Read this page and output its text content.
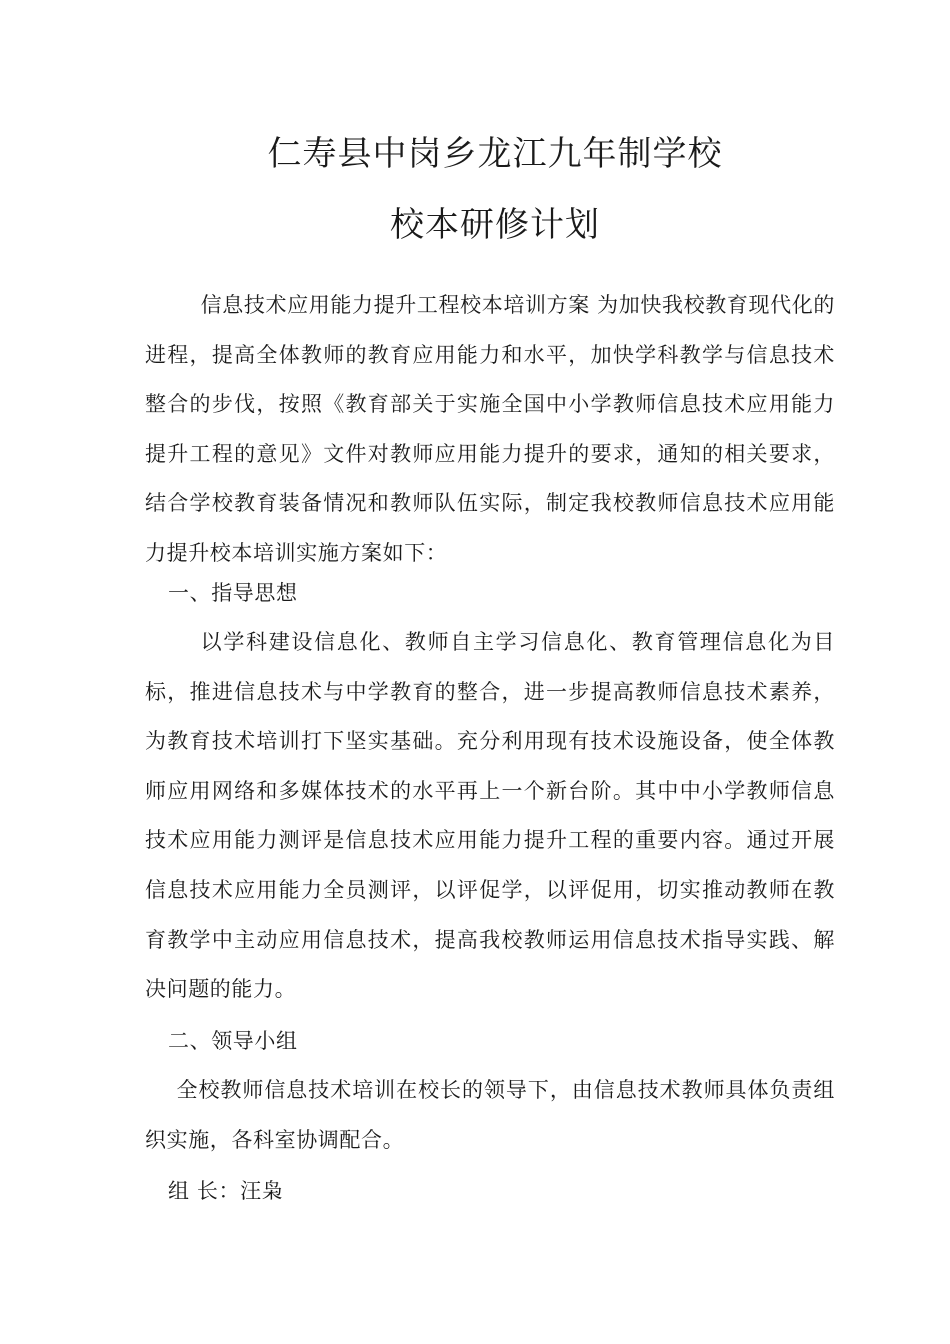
仁寿县中岗乡龙江九年制学校
校本研修计划

信息技术应用能力提升工程校本培训方案 为加快我校教育现代化的进程，提高全体教师的教育应用能力和水平，加快学科教学与信息技术整合的步伐，按照《教育部关于实施全国中小学教师信息技术应用能力提升工程的意见》文件对教师应用能力提升的要求，通知的相关要求，结合学校教育装备情况和教师队伍实际，制定我校教师信息技术应用能力提升校本培训实施方案如下：

一、指导思想

以学科建设信息化、教师自主学习信息化、教育管理信息化为目标，推进信息技术与中学教育的整合，进一步提高教师信息技术素养，为教育技术培训打下坚实基础。充分利用现有技术设施设备，使全体教师应用网络和多媒体技术的水平再上一个新台阶。其中中小学教师信息技术应用能力测评是信息技术应用能力提升工程的重要内容。通过开展信息技术应用能力全员测评，以评促学，以评促用，切实推动教师在教育教学中主动应用信息技术，提高我校教师运用信息技术指导实践、解决问题的能力。

二、领导小组

全校教师信息技术培训在校长的领导下，由信息技术教师具体负责组织实施，各科室协调配合。

组 长：汪枭
